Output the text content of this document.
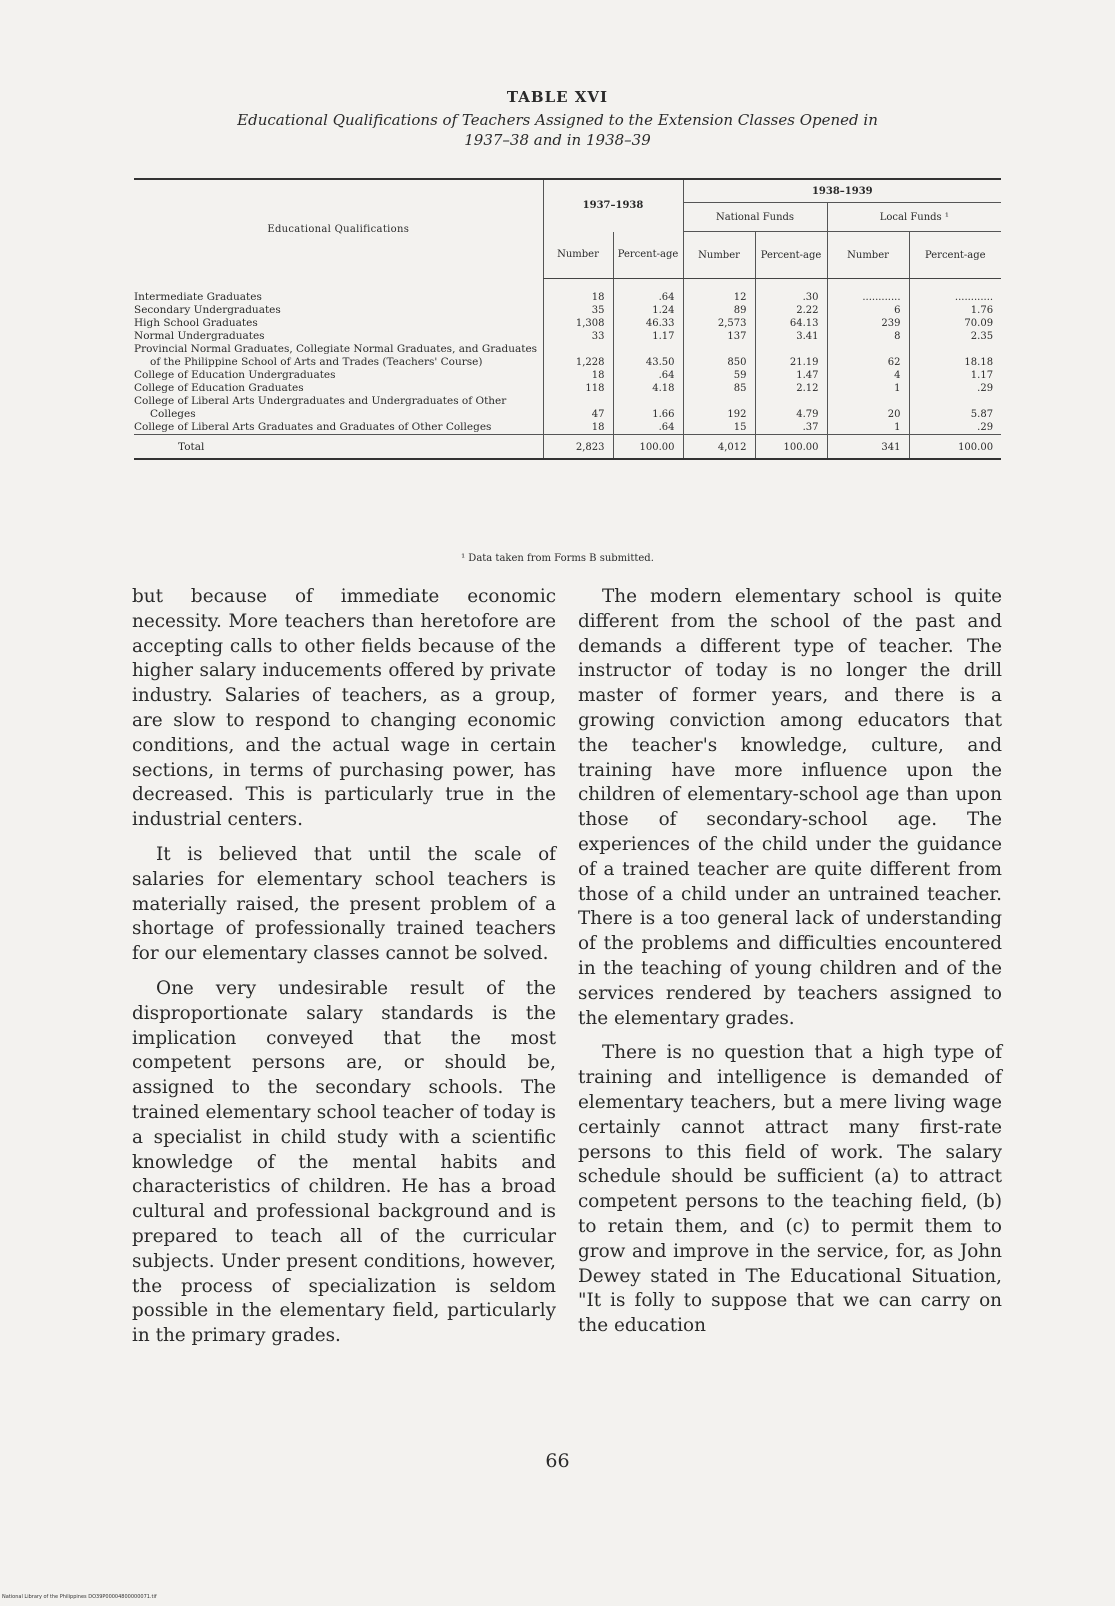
TABLE XVI
Educational Qualifications of Teachers Assigned to the Extension Classes Opened in
1937–38 and in 1938–39
Educational Qualifications	1937–1938		1938–1939			
			National Funds		Local Funds ¹	
	Number	Percent-age	Number	Percent-age	Number	Percent-age

Intermediate Graduates	18	.64	12	.30	............	............

Secondary Undergraduates	35	1.24	89	2.22	6	1.76

High School Graduates	1,308	46.33	2,573	64.13	239	70.09

Normal Undergraduates	33	1.17	137	3.41	8	2.35

Provincial Normal Graduates, Collegiate Normal Graduates, and Graduates of the Philippine School of Arts and Trades (Teachers' Course)	1,228	43.50	850	21.19	62	18.18

College of Education Undergraduates	18	.64	59	1.47	4	1.17

College of Education Graduates	118	4.18	85	2.12	1	.29

College of Liberal Arts Undergraduates and Undergraduates of Other Colleges	47	1.66	192	4.79	20	5.87

College of Liberal Arts Graduates and Graduates of Other Colleges	18	.64	15	.37	1	.29
Total	2,823	100.00	4,012	100.00	341	100.00
¹ Data taken from Forms B submitted.

but because of immediate economic necessity. More teachers than heretofore are accepting calls to other fields because of the higher salary inducements offered by private industry. Salaries of teachers, as a group, are slow to respond to changing economic conditions, and the actual wage in certain sections, in terms of purchasing power, has decreased. This is particularly true in the industrial centers.

It is believed that until the scale of salaries for elementary school teachers is materially raised, the present problem of a shortage of professionally trained teachers for our elementary classes cannot be solved.

One very undesirable result of the disproportionate salary standards is the implication conveyed that the most competent persons are, or should be, assigned to the secondary schools. The trained elementary school teacher of today is a specialist in child study with a scientific knowledge of the mental habits and characteristics of children. He has a broad cultural and professional background and is prepared to teach all of the curricular subjects. Under present conditions, however, the process of specialization is seldom possible in the elementary field, particularly in the primary grades.

The modern elementary school is quite different from the school of the past and demands a different type of teacher. The instructor of today is no longer the drill master of former years, and there is a growing conviction among educators that the teacher's knowledge, culture, and training have more influence upon the children of elementary-school age than upon those of secondary-school age. The experiences of the child under the guidance of a trained teacher are quite different from those of a child under an untrained teacher. There is a too general lack of understanding of the problems and difficulties encountered in the teaching of young children and of the services rendered by teachers assigned to the elementary grades.

There is no question that a high type of training and intelligence is demanded of elementary teachers, but a mere living wage certainly cannot attract many first-rate persons to this field of work. The salary schedule should be sufficient (a) to attract competent persons to the teaching field, (b) to retain them, and (c) to permit them to grow and improve in the service, for, as John Dewey stated in The Educational Situation, "It is folly to suppose that we can carry on the education

66
National Library of the Philippines DO39P00004800000071.tif
